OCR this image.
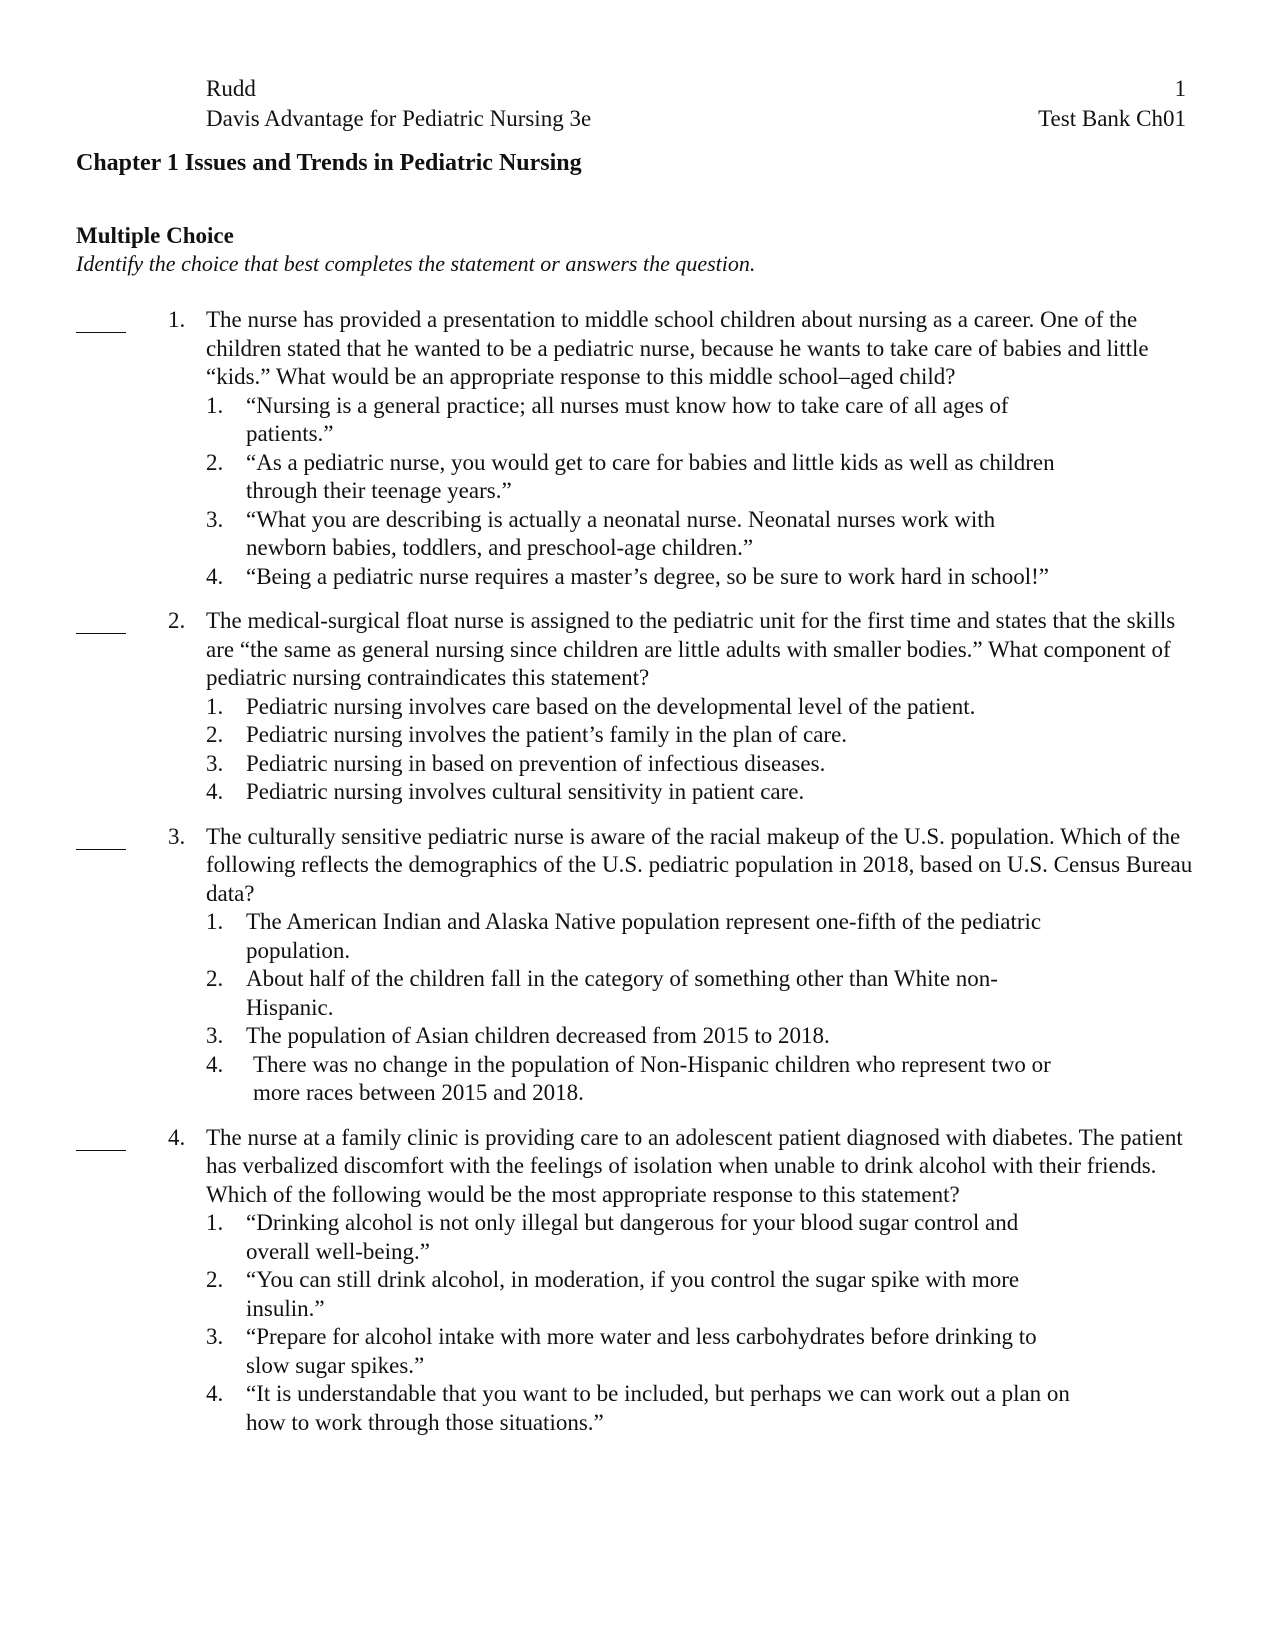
Rudd	1
Davis Advantage for Pediatric Nursing 3e	Test Bank Ch01
Chapter 1 Issues and Trends in Pediatric Nursing
Multiple Choice
Identify the choice that best completes the statement or answers the question.
1. The nurse has provided a presentation to middle school children about nursing as a career. One of the children stated that he wanted to be a pediatric nurse, because he wants to take care of babies and little “kids.” What would be an appropriate response to this middle school–aged child?
1. “Nursing is a general practice; all nurses must know how to take care of all ages of patients.”
2. “As a pediatric nurse, you would get to care for babies and little kids as well as children through their teenage years.”
3. “What you are describing is actually a neonatal nurse. Neonatal nurses work with newborn babies, toddlers, and preschool-age children.”
4. “Being a pediatric nurse requires a master’s degree, so be sure to work hard in school!”
2. The medical-surgical float nurse is assigned to the pediatric unit for the first time and states that the skills are “the same as general nursing since children are little adults with smaller bodies.” What component of pediatric nursing contraindicates this statement?
1. Pediatric nursing involves care based on the developmental level of the patient.
2. Pediatric nursing involves the patient’s family in the plan of care.
3. Pediatric nursing in based on prevention of infectious diseases.
4. Pediatric nursing involves cultural sensitivity in patient care.
3. The culturally sensitive pediatric nurse is aware of the racial makeup of the U.S. population. Which of the following reflects the demographics of the U.S. pediatric population in 2018, based on U.S. Census Bureau data?
1. The American Indian and Alaska Native population represent one-fifth of the pediatric population.
2. About half of the children fall in the category of something other than White non-Hispanic.
3. The population of Asian children decreased from 2015 to 2018.
4. There was no change in the population of Non-Hispanic children who represent two or more races between 2015 and 2018.
4. The nurse at a family clinic is providing care to an adolescent patient diagnosed with diabetes. The patient has verbalized discomfort with the feelings of isolation when unable to drink alcohol with their friends. Which of the following would be the most appropriate response to this statement?
1. “Drinking alcohol is not only illegal but dangerous for your blood sugar control and overall well-being.”
2. “You can still drink alcohol, in moderation, if you control the sugar spike with more insulin.”
3. “Prepare for alcohol intake with more water and less carbohydrates before drinking to slow sugar spikes.”
4. “It is understandable that you want to be included, but perhaps we can work out a plan on how to work through those situations.”
